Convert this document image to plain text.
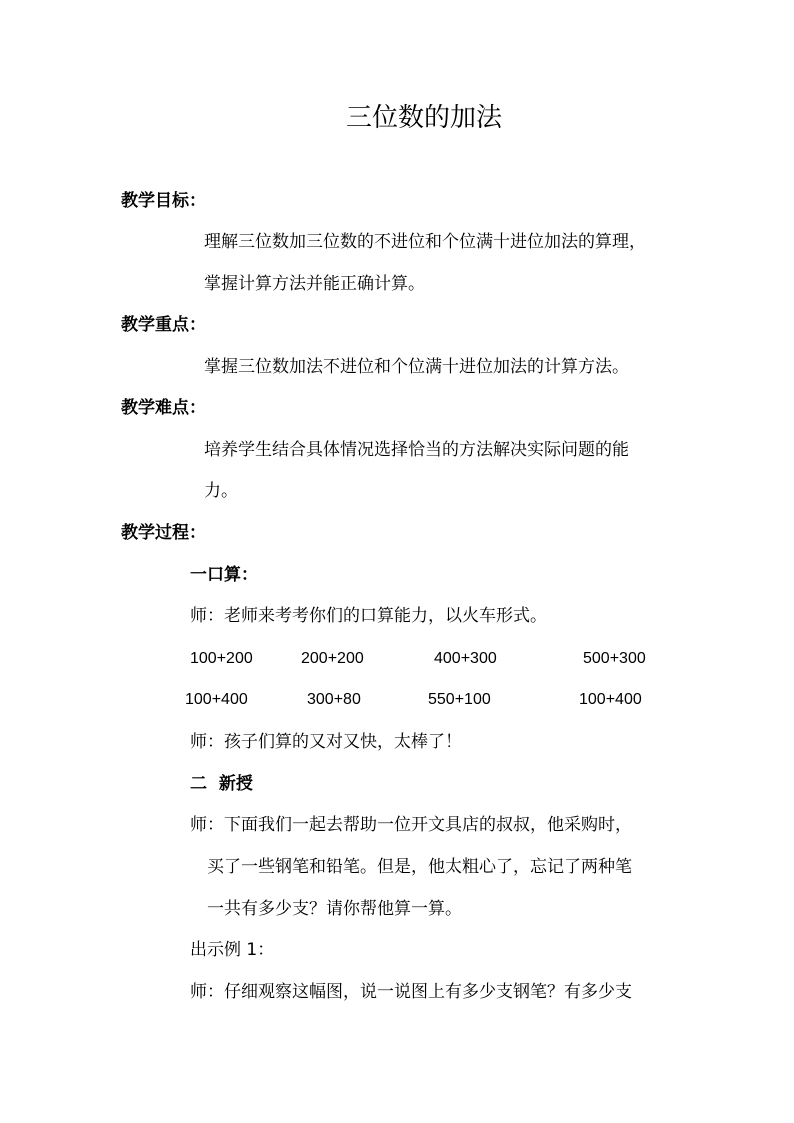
三位数的加法
教学目标：
理解三位数加三位数的不进位和个位满十进位加法的算理，
掌握计算方法并能正确计算。
教学重点：
掌握三位数加法不进位和个位满十进位加法的计算方法。
教学难点：
培养学生结合具体情况选择恰当的方法解决实际问题的能
力。
教学过程：
一口算：
师：老师来考考你们的口算能力，以火车形式。
100+200	200+200	400+300	500+300
100+400	300+80	550+100	100+400
师：孩子们算的又对又快，太棒了！
二  新授
师：下面我们一起去帮助一位开文具店的叔叔，他采购时，
买了一些钢笔和铅笔。但是，他太粗心了，忘记了两种笔
一共有多少支？请你帮他算一算。
出示例 1：
师：仔细观察这幅图，说一说图上有多少支钢笔？有多少支
